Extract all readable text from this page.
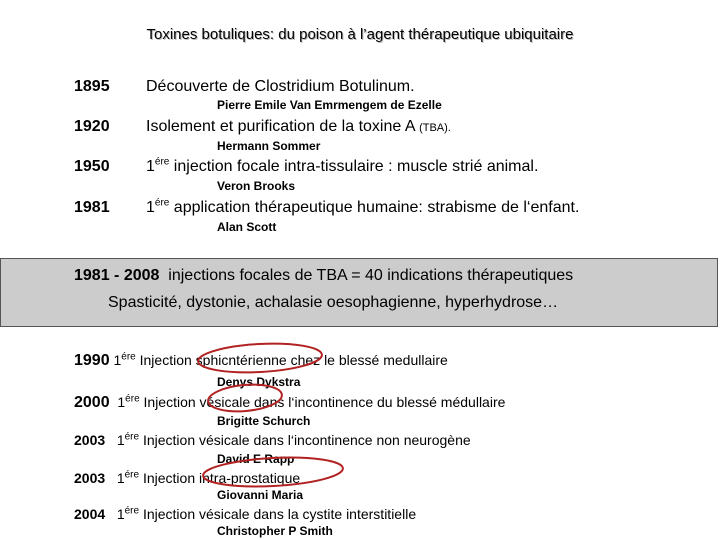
Toxines botuliques: du poison à l’agent thérapeutique ubiquitaire
1895 Découverte de Clostridium Botulinum.
Pierre Emile Van Emrmengem de Ezelle
1920 Isolement et purification de la toxine A (TBA).
Hermann Sommer
1950 $1^{ére}$ injection focale intra-tissulaire : muscle strié animal.
Veron Brooks
1981 $1^{ére}$ application thérapeutique humaine: strabisme de l‘enfant.
Alan Scott
1981 - 2008 injections focales de TBA = 40 indications thérapeutiques
Spasticité, dystonie, achalasie oesophagienne, hyperhydrose…
1990 $1^{ére}$ Injection sphicntérienne chez le blessé medullaire
Denys Dykstra
2000 $1^{ére}$ Injection vésicale dans l‘incontinence du blessé médullaire
Brigitte Schurch
2003 $1^{ére}$ Injection vésicale dans l‘incontinence non neurogène
David E Rapp
2003 $1^{ére}$ Injection intra-prostatique
Giovanni Maria
2004 $1^{ére}$ Injection vésicale dans la cystite interstitielle
Christopher P Smith
